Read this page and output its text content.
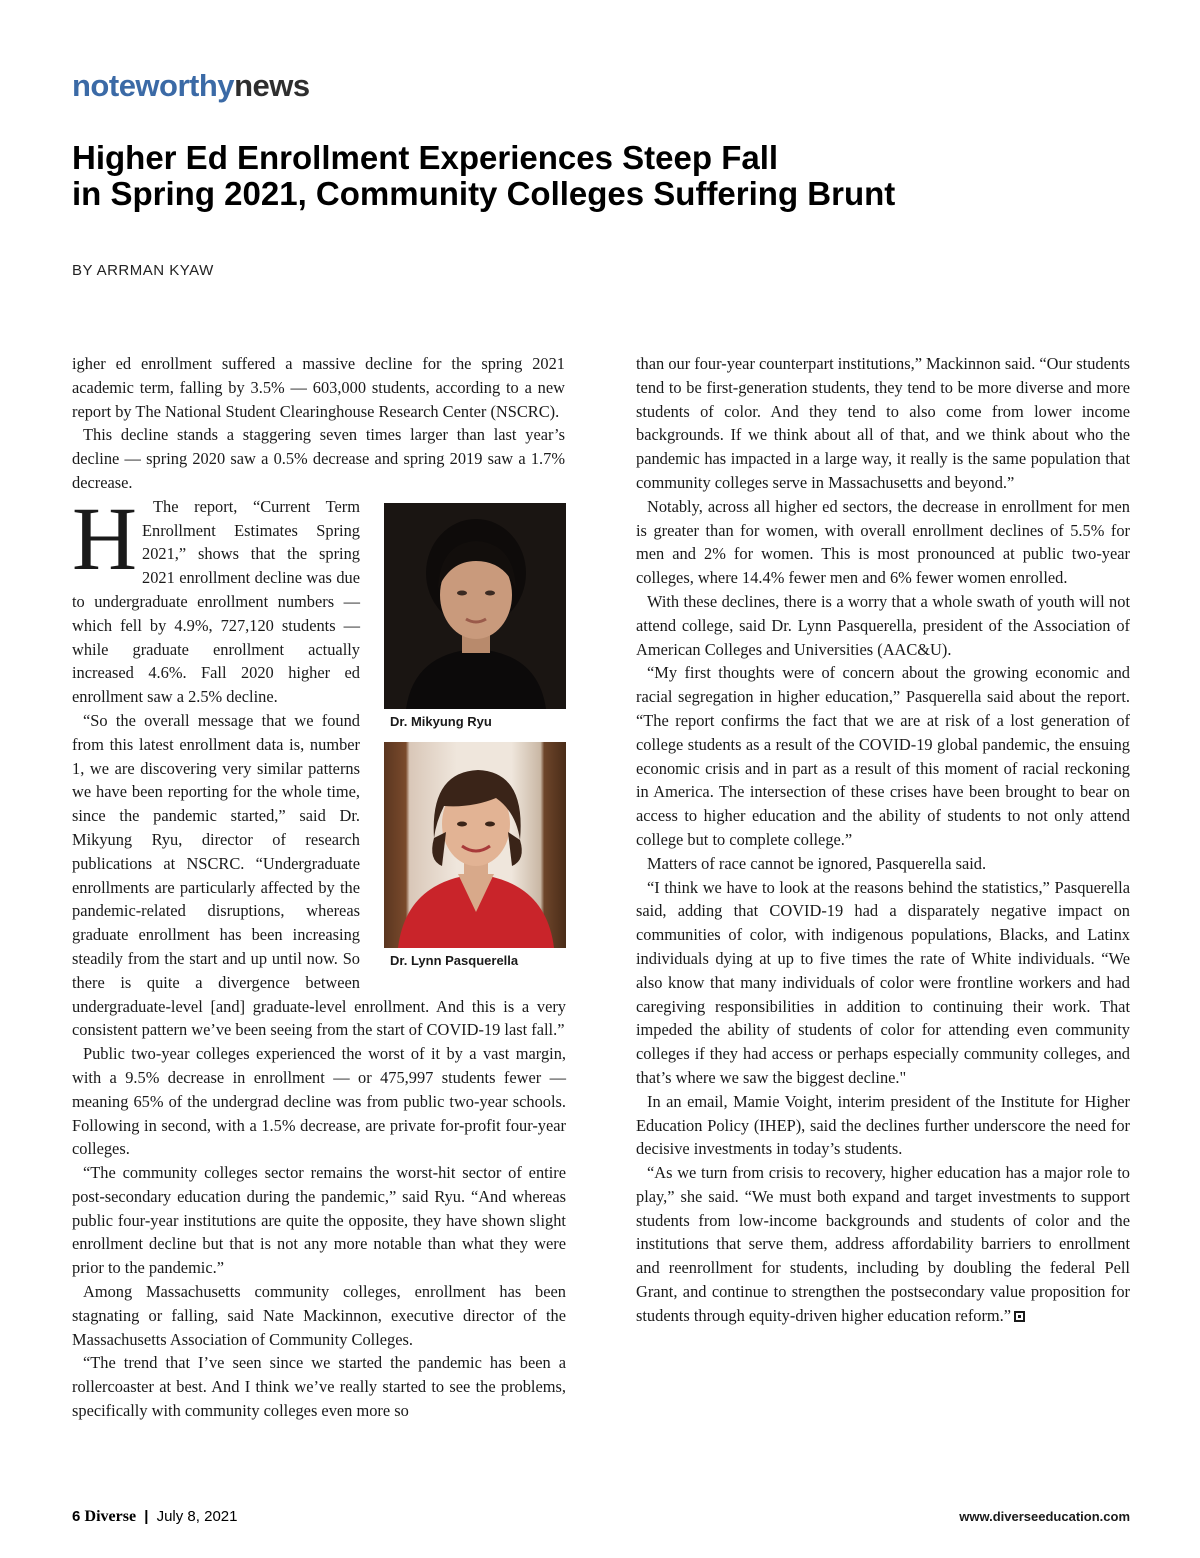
noteworthynews
Higher Ed Enrollment Experiences Steep Fall
in Spring 2021, Community Colleges Suffering Brunt
BY ARRMAN KYAW
Dr. Mikyung Ryu
Dr. Lynn Pasquerella

H
igher ed enrollment suffered a massive decline for the spring 2021 academic term, falling by 3.5% — 603,000 students, according to a new report by The National Student Clearinghouse Research Center (NSCRC).

This decline stands a staggering seven times larger than last year’s decline — spring 2020 saw a 0.5% decrease and spring 2019 saw a 1.7% decrease.

The report, “Current Term Enrollment Estimates Spring 2021,” shows that the spring 2021 enrollment decline was due to undergraduate enrollment numbers — which fell by 4.9%, 727,120 students — while graduate enrollment actually increased 4.6%. Fall 2020 higher ed enrollment saw a 2.5% decline.

“So the overall message that we found from this latest enrollment data is, number 1, we are discovering very similar patterns we have been reporting for the whole time, since the pandemic started,” said Dr. Mikyung Ryu, director of research publications at NSCRC. “Undergraduate enrollments are particularly affected by the pandemic-related disruptions, whereas graduate enrollment has been increasing steadily from the start and up until now. So there is quite a divergence between undergraduate-level [and] graduate-level enrollment. And this is a very consistent pattern we’ve been seeing from the start of COVID-19 last fall.”

Public two-year colleges experienced the worst of it by a vast margin, with a 9.5% decrease in enrollment — or 475,997 students fewer — meaning 65% of the undergrad decline was from public two-year schools. Following in second, with a 1.5% decrease, are private for-profit four-year colleges.

“The community colleges sector remains the worst-hit sector of entire post-secondary education during the pandemic,” said Ryu. “And whereas public four-year institutions are quite the opposite, they have shown slight enrollment decline but that is not any more notable than what they were prior to the pandemic.”

Among Massachusetts community colleges, enrollment has been stagnating or falling, said Nate Mackinnon, executive director of the Massachusetts Association of Community Colleges.

“The trend that I’ve seen since we started the pandemic has been a rollercoaster at best. And I think we’ve really started to see the problems, specifically with community colleges even more so

than our four-year counterpart institutions,” Mackinnon said. “Our students tend to be first-generation students, they tend to be more diverse and more students of color. And they tend to also come from lower income backgrounds. If we think about all of that, and we think about who the pandemic has impacted in a large way, it really is the same population that community colleges serve in Massachusetts and beyond.”

Notably, across all higher ed sectors, the decrease in enrollment for men is greater than for women, with overall enrollment declines of 5.5% for men and 2% for women. This is most pronounced at public two-year colleges, where 14.4% fewer men and 6% fewer women enrolled.

With these declines, there is a worry that a whole swath of youth will not attend college, said Dr. Lynn Pasquerella, president of the Association of American Colleges and Universities (AAC&U).

“My first thoughts were of concern about the growing economic and racial segregation in higher education,” Pasquerella said about the report. “The report confirms the fact that we are at risk of a lost generation of college students as a result of the COVID-19 global pandemic, the ensuing economic crisis and in part as a result of this moment of racial reckoning in America. The intersection of these crises have been brought to bear on access to higher education and the ability of students to not only attend college but to complete college.”

Matters of race cannot be ignored, Pasquerella said.

“I think we have to look at the reasons behind the statistics,” Pasquerella said, adding that COVID-19 had a disparately negative impact on communities of color, with indigenous populations, Blacks, and Latinx individuals dying at up to five times the rate of White individuals. “We also know that many individuals of color were frontline workers and had caregiving responsibilities in addition to continuing their work. That impeded the ability of students of color for attending even community colleges if they had access or perhaps especially community colleges, and that’s where we saw the biggest decline."

In an email, Mamie Voight, interim president of the Institute for Higher Education Policy (IHEP), said the declines further underscore the need for decisive investments in today’s students.

“As we turn from crisis to recovery, higher education has a major role to play,” she said. “We must both expand and target investments to support students from low-income backgrounds and students of color and the institutions that serve them, address affordability barriers to enrollment and reenrollment for students, including by doubling the federal Pell Grant, and continue to strengthen the postsecondary value proposition for students through equity-driven higher education reform.”

6 Diverse | July 8, 2021	www.diverseeducation.com
